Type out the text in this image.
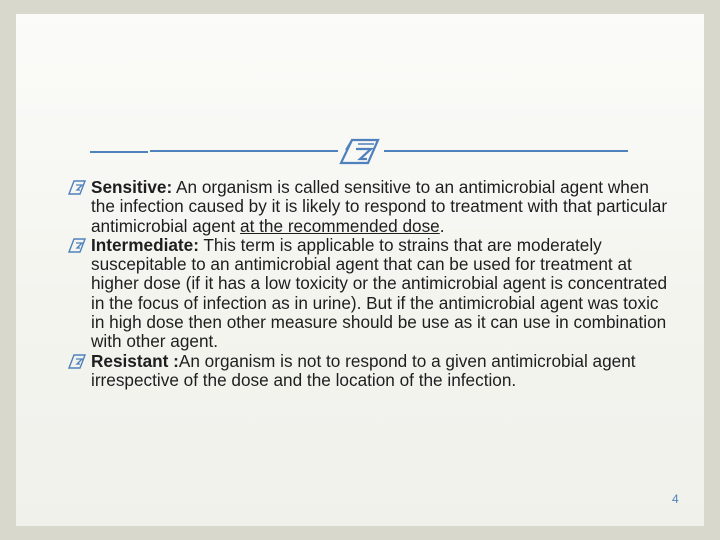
Sensitive: An organism is called sensitive to an antimicrobial agent when the infection caused by it is likely to respond to treatment with that particular antimicrobial agent at the recommended dose.
Intermediate: This term is applicable to strains that are moderately suscepitable to an antimicrobial agent that can be used for treatment at higher dose (if it has a low toxicity or the antimicrobial agent is concentrated in the focus of infection as in urine). But if the antimicrobial agent was toxic in high dose then other measure should be use as it can use in combination with other agent.
Resistant :An organism is not to respond to a given antimicrobial agent irrespective of the dose and the location of the infection.
4
